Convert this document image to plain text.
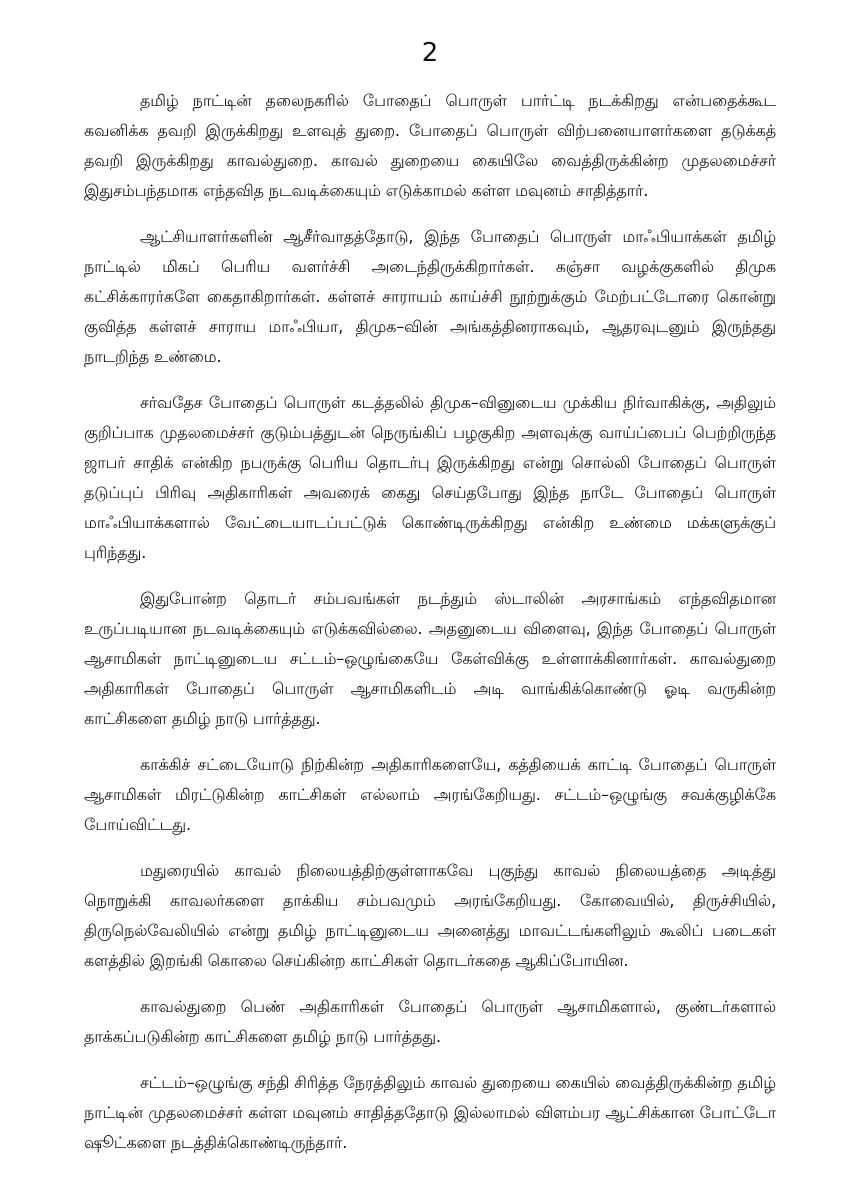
2

தமிழ் நாட்டின் தலைநகரில் போதைப் பொருள் பார்ட்டி நடக்கிறது என்பதைக்கூட கவனிக்க தவறி இருக்கிறது உளவுத் துறை. போதைப் பொருள் விற்பனையாளர்களை தடுக்கத் தவறி இருக்கிறது காவல்துறை. காவல் துறையை கையிலே வைத்திருக்கின்ற முதலமைச்சர் இதுசம்பந்தமாக எந்தவித நடவடிக்கையும் எடுக்காமல் கள்ள மவுனம் சாதித்தார்.

ஆட்சியாளர்களின் ஆசீர்வாதத்தோடு, இந்த போதைப் பொருள் மாஃபியாக்கள் தமிழ் நாட்டில் மிகப் பெரிய வளர்ச்சி அடைந்திருக்கிறார்கள். கஞ்சா வழக்குகளில் திமுக கட்சிக்காரர்களே கைதாகிறார்கள். கள்ளச் சாராயம் காய்ச்சி நூற்றுக்கும் மேற்பட்டோரை கொன்று குவித்த கள்ளச் சாராய மாஃபியா, திமுக–வின் அங்கத்தினராகவும், ஆதரவுடனும் இருந்தது நாடறிந்த உண்மை.

சர்வதேச போதைப் பொருள் கடத்தலில் திமுக–வினுடைய முக்கிய நிர்வாகிக்கு, அதிலும் குறிப்பாக முதலமைச்சர் குடும்பத்துடன் நெருங்கிப் பழகுகிற அளவுக்கு வாய்ப்பைப் பெற்றிருந்த ஜாபர் சாதிக் என்கிற நபருக்கு பெரிய தொடர்பு இருக்கிறது என்று சொல்லி போதைப் பொருள் தடுப்புப் பிரிவு அதிகாரிகள் அவரைக் கைது செய்தபோது இந்த நாடே போதைப் பொருள் மாஃபியாக்களால் வேட்டையாடப்பட்டுக் கொண்டிருக்கிறது என்கிற உண்மை மக்களுக்குப் புரிந்தது.

இதுபோன்ற தொடர் சம்பவங்கள் நடந்தும் ஸ்டாலின் அரசாங்கம் எந்தவிதமான உருப்படியான நடவடிக்கையும் எடுக்கவில்லை. அதனுடைய விளைவு, இந்த போதைப் பொருள் ஆசாமிகள் நாட்டினுடைய சட்டம்–ஒழுங்கையே கேள்விக்கு உள்ளாக்கினார்கள். காவல்துறை அதிகாரிகள் போதைப் பொருள் ஆசாமிகளிடம் அடி வாங்கிக்கொண்டு ஓடி வருகின்ற காட்சிகளை தமிழ் நாடு பார்த்தது.

காக்கிச் சட்டையோடு நிற்கின்ற அதிகாரிகளையே, கத்தியைக் காட்டி போதைப் பொருள் ஆசாமிகள் மிரட்டுகின்ற காட்சிகள் எல்லாம் அரங்கேறியது. சட்டம்–ஒழுங்கு சவக்குழிக்கே போய்விட்டது.

மதுரையில் காவல் நிலையத்திற்குள்ளாகவே புகுந்து காவல் நிலையத்தை அடித்து நொறுக்கி காவலர்களை தாக்கிய சம்பவமும் அரங்கேறியது. கோவையில், திருச்சியில், திருநெல்வேலியில் என்று தமிழ் நாட்டினுடைய அனைத்து மாவட்டங்களிலும் கூலிப் படைகள் களத்தில் இறங்கி கொலை செய்கின்ற காட்சிகள் தொடர்கதை ஆகிப்போயின.

காவல்துறை பெண் அதிகாரிகள் போதைப் பொருள் ஆசாமிகளால், குண்டர்களால் தாக்கப்படுகின்ற காட்சிகளை தமிழ் நாடு பார்த்தது.

சட்டம்–ஒழுங்கு சந்தி சிரித்த நேரத்திலும் காவல் துறையை கையில் வைத்திருக்கின்ற தமிழ் நாட்டின் முதலமைச்சர் கள்ள மவுனம் சாதித்ததோடு இல்லாமல் விளம்பர ஆட்சிக்கான போட்டோ ஷூட்களை நடத்திக்கொண்டிருந்தார்.
